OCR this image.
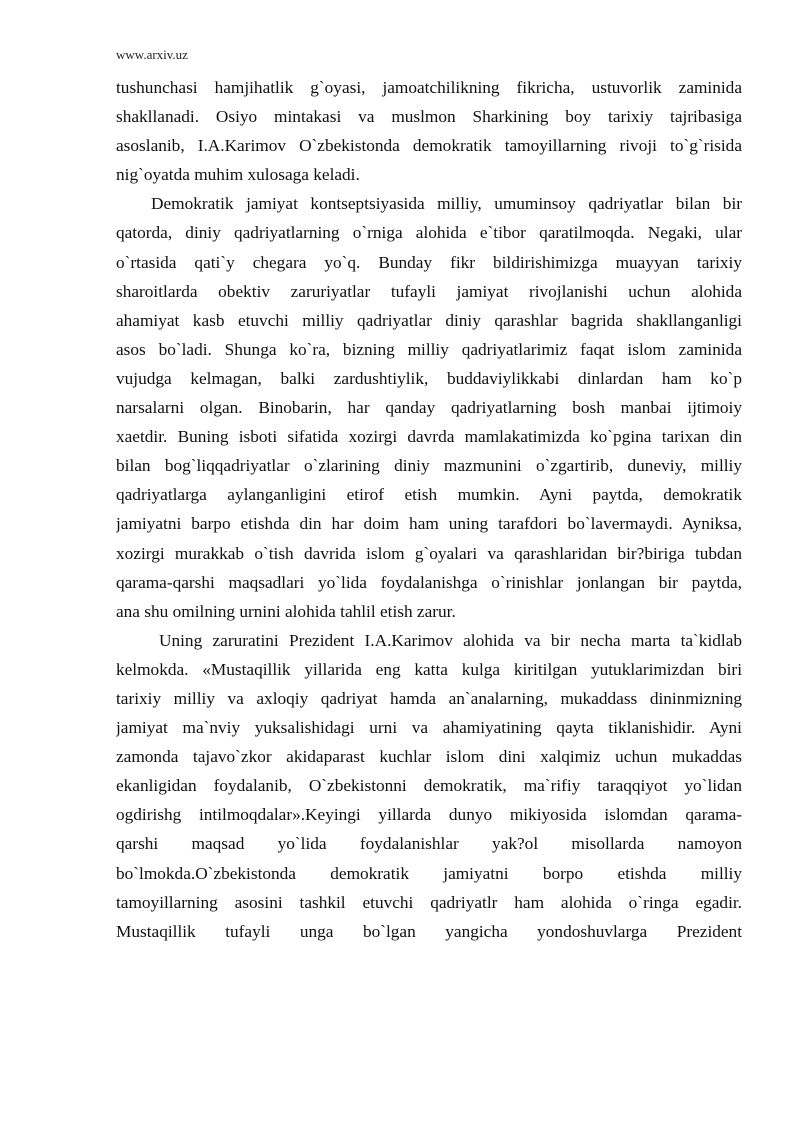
www.arxiv.uz
tushunchasi hamjihatlik g`oyasi, jamoatchilikning fikricha, ustuvorlik zaminida
shakllanadi. Osiyo mintakasi va muslmon Sharkining boy tarixiy tajribasiga
asoslanib, I.A.Karimov O`zbekistonda demokratik tamoyillarning rivoji to`g`risida
nig`oyatda muhim xulosaga keladi.
Demokratik jamiyat kontseptsiyasida milliy, umuminsoy qadriyatlar bilan bir
qatorda, diniy qadriyatlarning o`rniga alohida e`tibor qaratilmoqda. Negaki, ular
o`rtasida qati`y chegara yo`q. Bunday fikr bildirishimizga muayyan tarixiy
sharoitlarda obektiv zaruriyatlar tufayli jamiyat rivojlanishi uchun alohida
ahamiyat kasb etuvchi milliy qadriyatlar diniy qarashlar bagrida shakllanganligi
asos bo`ladi. Shunga ko`ra, bizning milliy qadriyatlarimiz faqat islom zaminida
vujudga kelmagan, balki zardushtiylik, buddaviylikkabi dinlardan ham ko`p
narsalarni olgan. Binobarin, har qanday qadriyatlarning bosh manbai ijtimoiy
xaetdir. Buning isboti sifatida xozirgi davrda mamlakatimizda ko`pgina tarixan din
bilan bog`liqqadriyatlar o`zlarining diniy mazmunini o`zgartirib, duneviy, milliy
qadriyatlarga aylanganligini etirof etish mumkin. Ayni paytda, demokratik
jamiyatni barpo etishda din har doim ham uning tarafdori bo`lavermaydi. Ayniksa,
xozirgi murakkab o`tish davrida islom g`oyalari va qarashlaridan bir?biriga tubdan
qarama-qarshi maqsadlari yo`lida foydalanishga o`rinishlar jonlangan bir paytda,
ana shu omilning urnini alohida tahlil etish zarur.
Uning zaruratini Prezident I.A.Karimov alohida va bir necha marta ta`kidlab
kelmokda. «Mustaqillik yillarida eng katta kulga kiritilgan yutuklarimizdan biri
tarixiy milliy va axloqiy qadriyat hamda an`analarning, mukaddass dininmizning
jamiyat ma`nviy yuksalishidagi urni va ahamiyatining qayta tiklanishidir. Ayni
zamonda tajavo`zkor akidaparast kuchlar islom dini xalqimiz uchun mukaddas
ekanligidan foydalanib, O`zbekistonni demokratik, ma`rifiy taraqqiyot yo`lidan
ogdirishg intilmoqdalar».Keyingi yillarda dunyo mikiyosida islomdan qarama-
qarshi maqsad yo`lida foydalanishlar yak?ol misollarda namoyon
bo`lmokda.O`zbekistonda demokratik jamiyatni borpo etishda milliy
tamoyillarning asosini tashkil etuvchi qadriyatlr ham alohida o`ringa egadir.
Mustaqillik tufayli unga bo`lgan yangicha yondoshuvlarga Prezident
